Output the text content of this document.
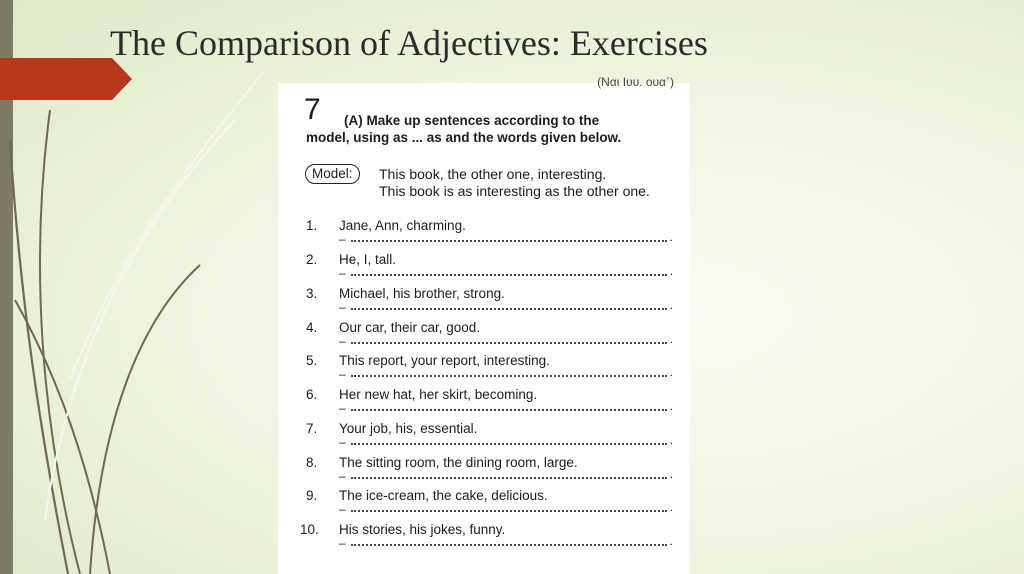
The Comparison of Adjectives: Exercises
(Ναι Ιυυ. ουα΄)
7	(A) Make up sentences according to the
model, using as ... as and the words given below.
Model:	This book, the other one, interesting.
This book is as interesting as the other one.
1.	Jane, Ann, charming.
–	.
2.	He, I, tall.
–	.
3.	Michael, his brother, strong.
–	.
4.	Our car, their car, good.
–	.
5.	This report, your report, interesting.
–	.
6.	Her new hat, her skirt, becoming.
–	.
7.	Your job, his, essential.
–	.
8.	The sitting room, the dining room, large.
–	.
9.	The ice-cream, the cake, delicious.
–	.
10.	His stories, his jokes, funny.
–	.
